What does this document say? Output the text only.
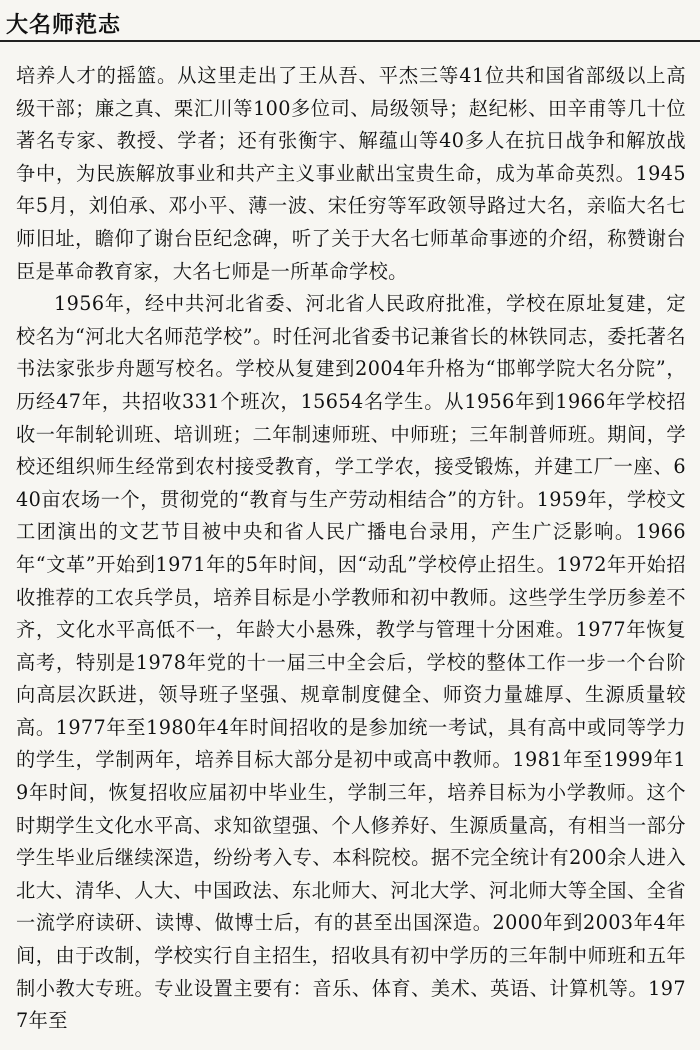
大名师范志

培养人才的摇篮。从这里走出了王从吾、平杰三等41位共和国省部级以上高级干部；廉之真、栗汇川等100多位司、局级领导；赵纪彬、田辛甫等几十位著名专家、教授、学者；还有张衡宇、解蕴山等40多人在抗日战争和解放战争中，为民族解放事业和共产主义事业献出宝贵生命，成为革命英烈。1945年5月，刘伯承、邓小平、薄一波、宋任穷等军政领导路过大名，亲临大名七师旧址，瞻仰了谢台臣纪念碑，听了关于大名七师革命事迹的介绍，称赞谢台臣是革命教育家，大名七师是一所革命学校。

1956年，经中共河北省委、河北省人民政府批准，学校在原址复建，定校名为“河北大名师范学校”。时任河北省委书记兼省长的林铁同志，委托著名书法家张步舟题写校名。学校从复建到2004年升格为“邯郸学院大名分院”，历经47年，共招收331个班次，15654名学生。从1956年到1966年学校招收一年制轮训班、培训班；二年制速师班、中师班；三年制普师班。期间，学校还组织师生经常到农村接受教育，学工学农，接受锻炼，并建工厂一座、640亩农场一个，贯彻党的“教育与生产劳动相结合”的方针。1959年，学校文工团演出的文艺节目被中央和省人民广播电台录用，产生广泛影响。1966年“文革”开始到1971年的5年时间，因“动乱”学校停止招生。1972年开始招收推荐的工农兵学员，培养目标是小学教师和初中教师。这些学生学历参差不齐，文化水平高低不一，年龄大小悬殊，教学与管理十分困难。1977年恢复高考，特别是1978年党的十一届三中全会后，学校的整体工作一步一个台阶向高层次跃进，领导班子坚强、规章制度健全、师资力量雄厚、生源质量较高。1977年至1980年4年时间招收的是参加统一考试，具有高中或同等学力的学生，学制两年，培养目标大部分是初中或高中教师。1981年至1999年19年时间，恢复招收应届初中毕业生，学制三年，培养目标为小学教师。这个时期学生文化水平高、求知欲望强、个人修养好、生源质量高，有相当一部分学生毕业后继续深造，纷纷考入专、本科院校。据不完全统计有200余人进入北大、清华、人大、中国政法、东北师大、河北大学、河北师大等全国、全省一流学府读研、读博、做博士后，有的甚至出国深造。2000年到2003年4年间，由于改制，学校实行自主招生，招收具有初中学历的三年制中师班和五年制小教大专班。专业设置主要有：音乐、体育、美术、英语、计算机等。1977年至
